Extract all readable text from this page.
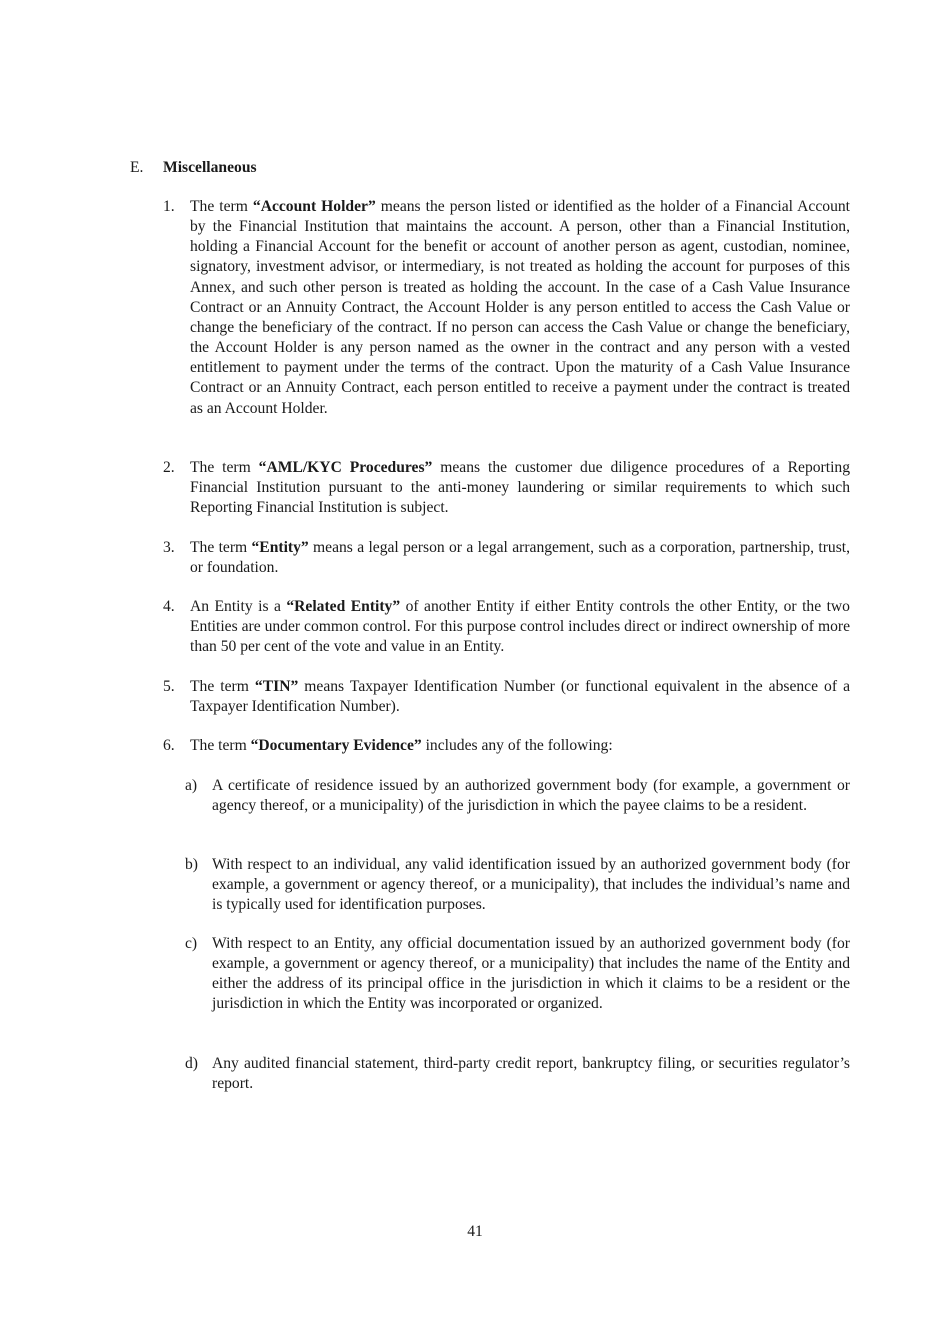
E. Miscellaneous
1. The term “Account Holder” means the person listed or identified as the holder of a Financial Account by the Financial Institution that maintains the account. A person, other than a Financial Institution, holding a Financial Account for the benefit or account of another person as agent, custodian, nominee, signatory, investment advisor, or intermediary, is not treated as holding the account for purposes of this Annex, and such other person is treated as holding the account. In the case of a Cash Value Insurance Contract or an Annuity Contract, the Account Holder is any person entitled to access the Cash Value or change the beneficiary of the contract. If no person can access the Cash Value or change the beneficiary, the Account Holder is any person named as the owner in the contract and any person with a vested entitlement to payment under the terms of the contract. Upon the maturity of a Cash Value Insurance Contract or an Annuity Contract, each person entitled to receive a payment under the contract is treated as an Account Holder.
2. The term “AML/KYC Procedures” means the customer due diligence procedures of a Reporting Financial Institution pursuant to the anti-money laundering or similar requirements to which such Reporting Financial Institution is subject.
3. The term “Entity” means a legal person or a legal arrangement, such as a corporation, partnership, trust, or foundation.
4. An Entity is a “Related Entity” of another Entity if either Entity controls the other Entity, or the two Entities are under common control. For this purpose control includes direct or indirect ownership of more than 50 per cent of the vote and value in an Entity.
5. The term “TIN” means Taxpayer Identification Number (or functional equivalent in the absence of a Taxpayer Identification Number).
6. The term “Documentary Evidence” includes any of the following:
a) A certificate of residence issued by an authorized government body (for example, a government or agency thereof, or a municipality) of the jurisdiction in which the payee claims to be a resident.
b) With respect to an individual, any valid identification issued by an authorized government body (for example, a government or agency thereof, or a municipality), that includes the individual’s name and is typically used for identification purposes.
c) With respect to an Entity, any official documentation issued by an authorized government body (for example, a government or agency thereof, or a municipality) that includes the name of the Entity and either the address of its principal office in the jurisdiction in which it claims to be a resident or the jurisdiction in which the Entity was incorporated or organized.
d) Any audited financial statement, third-party credit report, bankruptcy filing, or securities regulator’s report.
41
